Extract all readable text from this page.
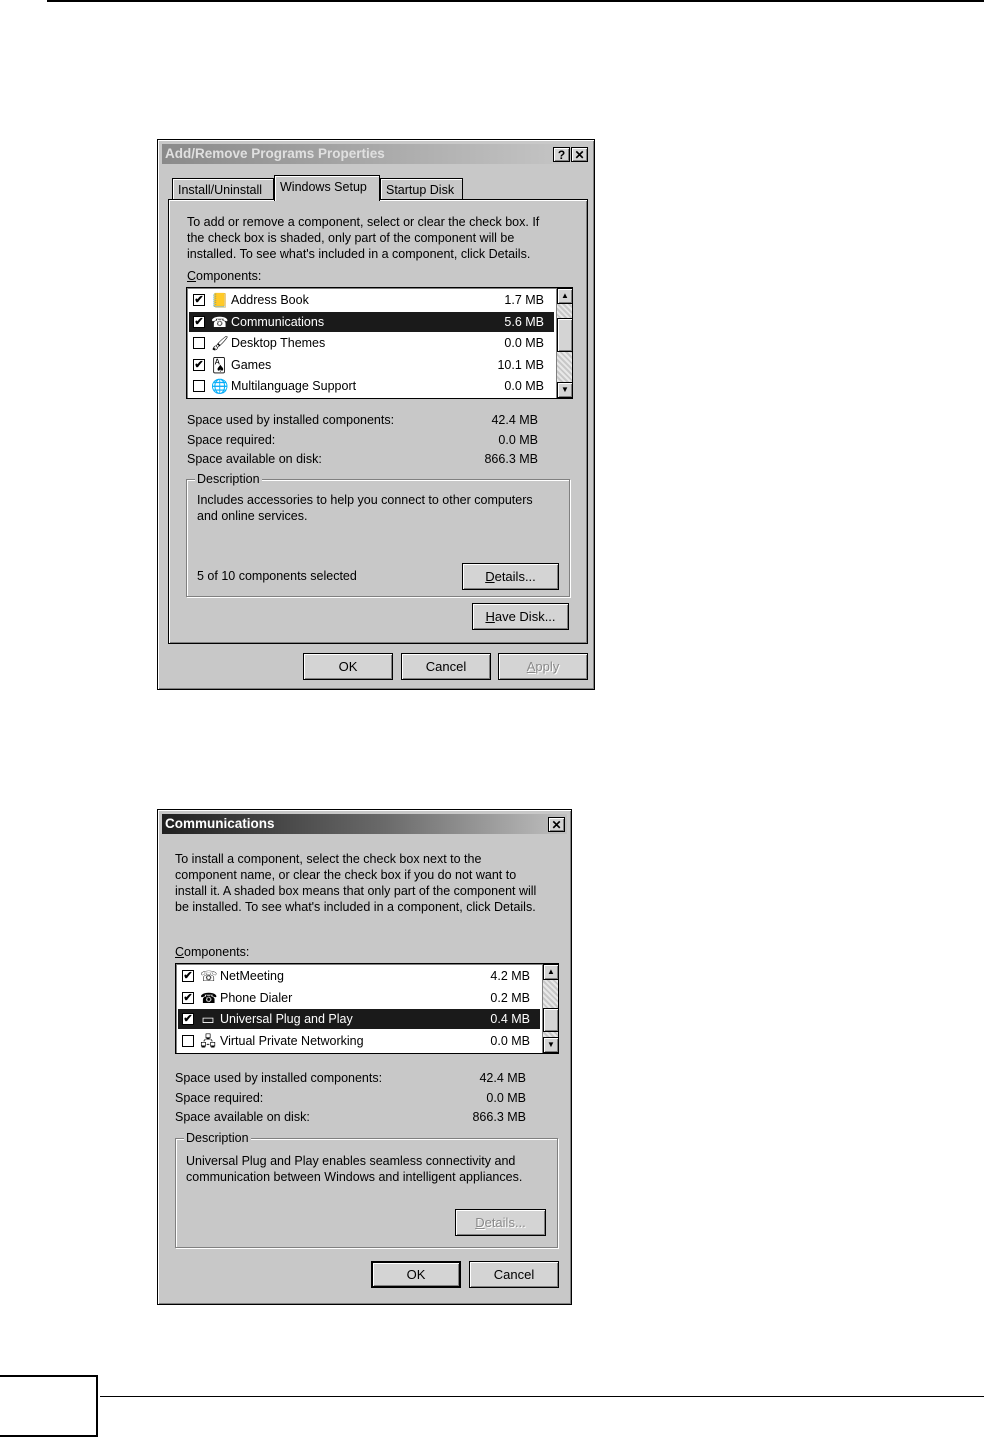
Add/Remove Programs Properties	? ✕
Install/Uninstall	Windows Setup	Startup Disk
To add or remove a component, select or clear the check box. If
the check box is shaded, only part of the component will be
installed. To see what's included in a component, click Details.
Components:
✔ 📒 Address Book	1.7 MB
✔ ☎ Communications	5.6 MB
🖌 Desktop Themes	0.0 MB
✔ 🂡 Games	10.1 MB
🌐 Multilanguage Support	0.0 MB
▲
▼
Space used by installed components:	42.4 MB
Space required:	0.0 MB
Space available on disk:	866.3 MB
Description
Includes accessories to help you connect to other computers
and online services.
5 of 10 components selected	Details...
Have Disk...
OK	Cancel	Apply
Communications	✕
To install a component, select the check box next to the
component name, or clear the check box if you do not want to
install it. A shaded box means that only part of the component will
be installed. To see what's included in a component, click Details.
Components:
✔ ☏ NetMeeting	4.2 MB
✔ ☎ Phone Dialer	0.2 MB
✔ ▭ Universal Plug and Play	0.4 MB
🖧 Virtual Private Networking	0.0 MB
▲
▼
Space used by installed components:	42.4 MB
Space required:	0.0 MB
Space available on disk:	866.3 MB
Description
Universal Plug and Play enables seamless connectivity and
communication between Windows and intelligent appliances.
Details...
OK	Cancel
